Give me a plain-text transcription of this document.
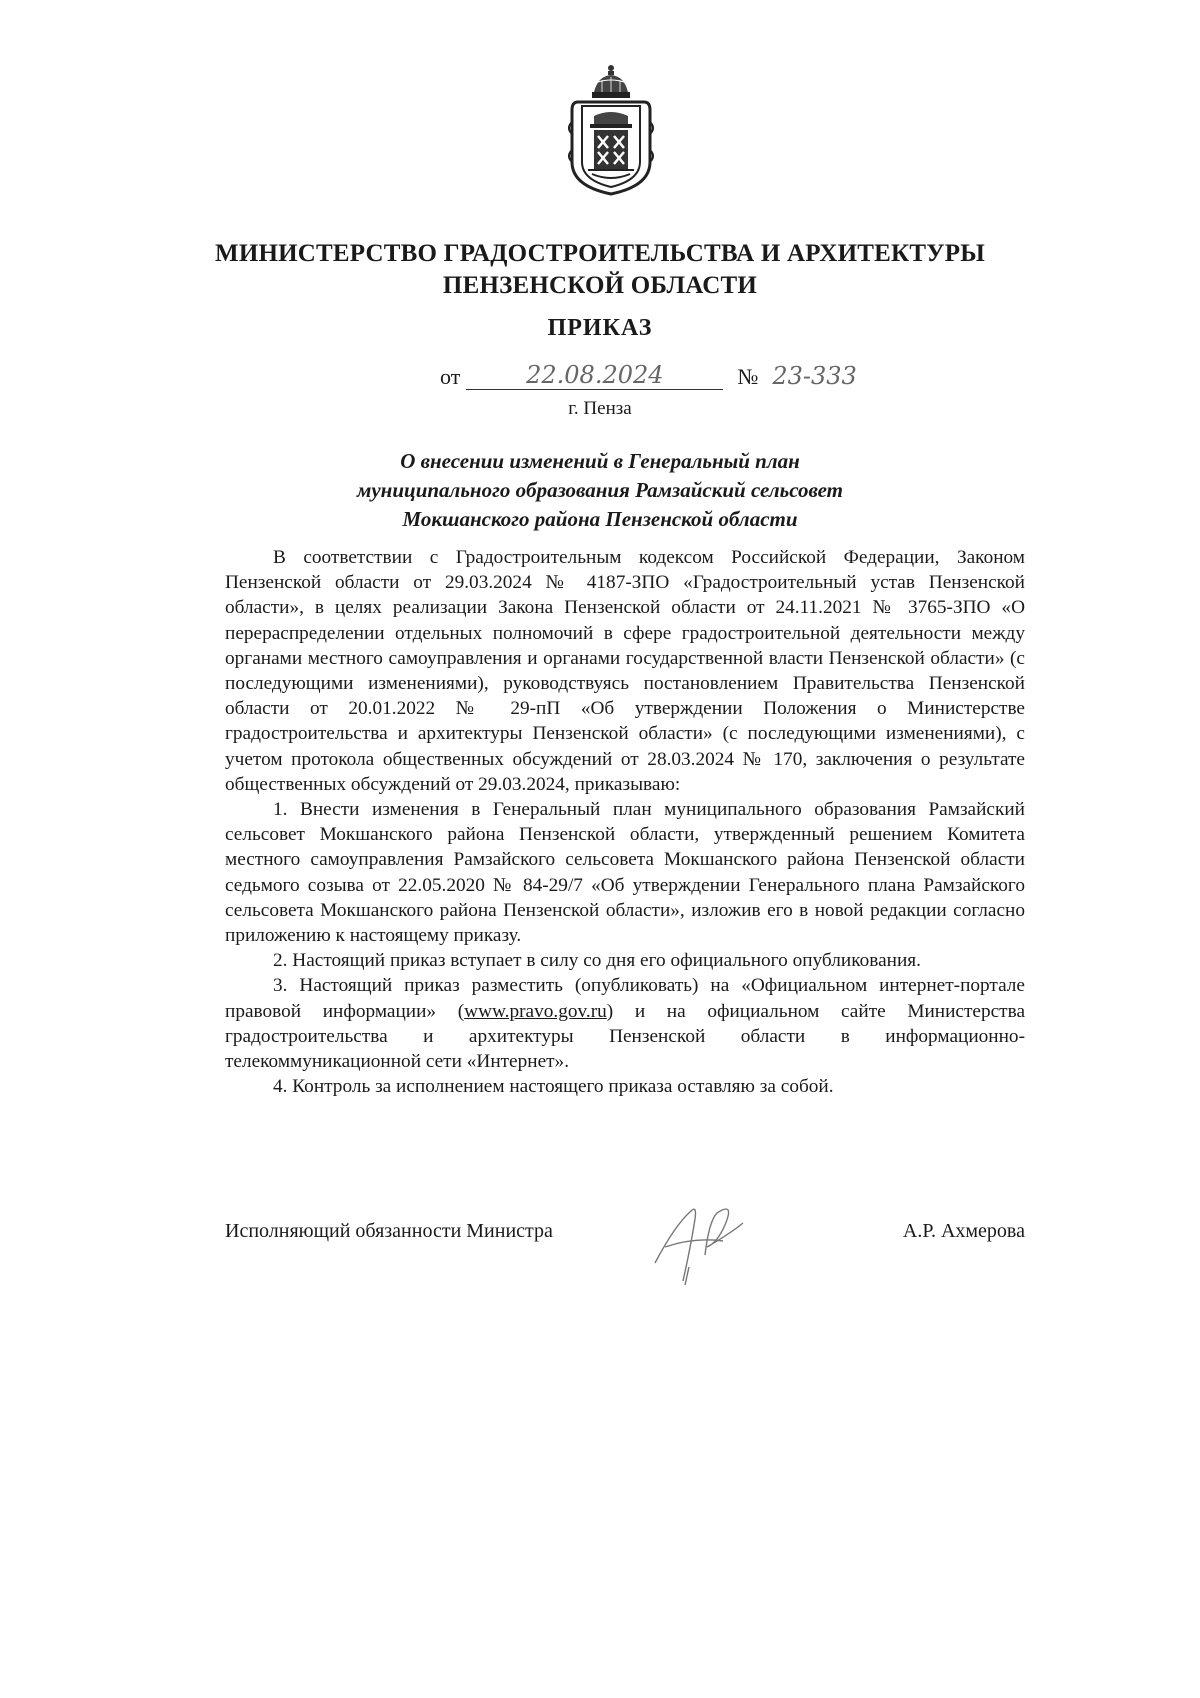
МИНИСТЕРСТВО ГРАДОСТРОИТЕЛЬСТВА И АРХИТЕКТУРЫ
ПЕНЗЕНСКОЙ ОБЛАСТИ
ПРИКАЗ
от	22.08.2024	№ 23-333
г. Пенза
О внесении изменений в Генеральный план
муниципального образования Рамзайский сельсовет
Мокшанского района Пензенской области

В соответствии с Градостроительным кодексом Российской Федерации, Законом Пензенской области от 29.03.2024 № 4187-ЗПО «Градостроительный устав Пензенской области», в целях реализации Закона Пензенской области от 24.11.2021 № 3765-ЗПО «О перераспределении отдельных полномочий в сфере градостроительной деятельности между органами местного самоуправления и органами государственной власти Пензенской области» (с последующими изменениями), руководствуясь постановлением Правительства Пензенской области от 20.01.2022 № 29-пП «Об утверждении Положения о Министерстве градостроительства и архитектуры Пензенской области» (с последующими изменениями), с учетом протокола общественных обсуждений от 28.03.2024 № 170, заключения о результате общественных обсуждений от 29.03.2024, приказываю:

1. Внести изменения в Генеральный план муниципального образования Рамзайский сельсовет Мокшанского района Пензенской области, утвержденный решением Комитета местного самоуправления Рамзайского сельсовета Мокшанского района Пензенской области седьмого созыва от 22.05.2020 № 84-29/7 «Об утверждении Генерального плана Рамзайского сельсовета Мокшанского района Пензенской области», изложив его в новой редакции согласно приложению к настоящему приказу.

2. Настоящий приказ вступает в силу со дня его официального опубликования.

3. Настоящий приказ разместить (опубликовать) на «Официальном интернет-портале правовой информации» (www.pravo.gov.ru) и на официальном сайте Министерства градостроительства и архитектуры Пензенской области в информационно-телекоммуникационной сети «Интернет».

4. Контроль за исполнением настоящего приказа оставляю за собой.

Исполняющий обязанности Министра	А.Р. Ахмерова
